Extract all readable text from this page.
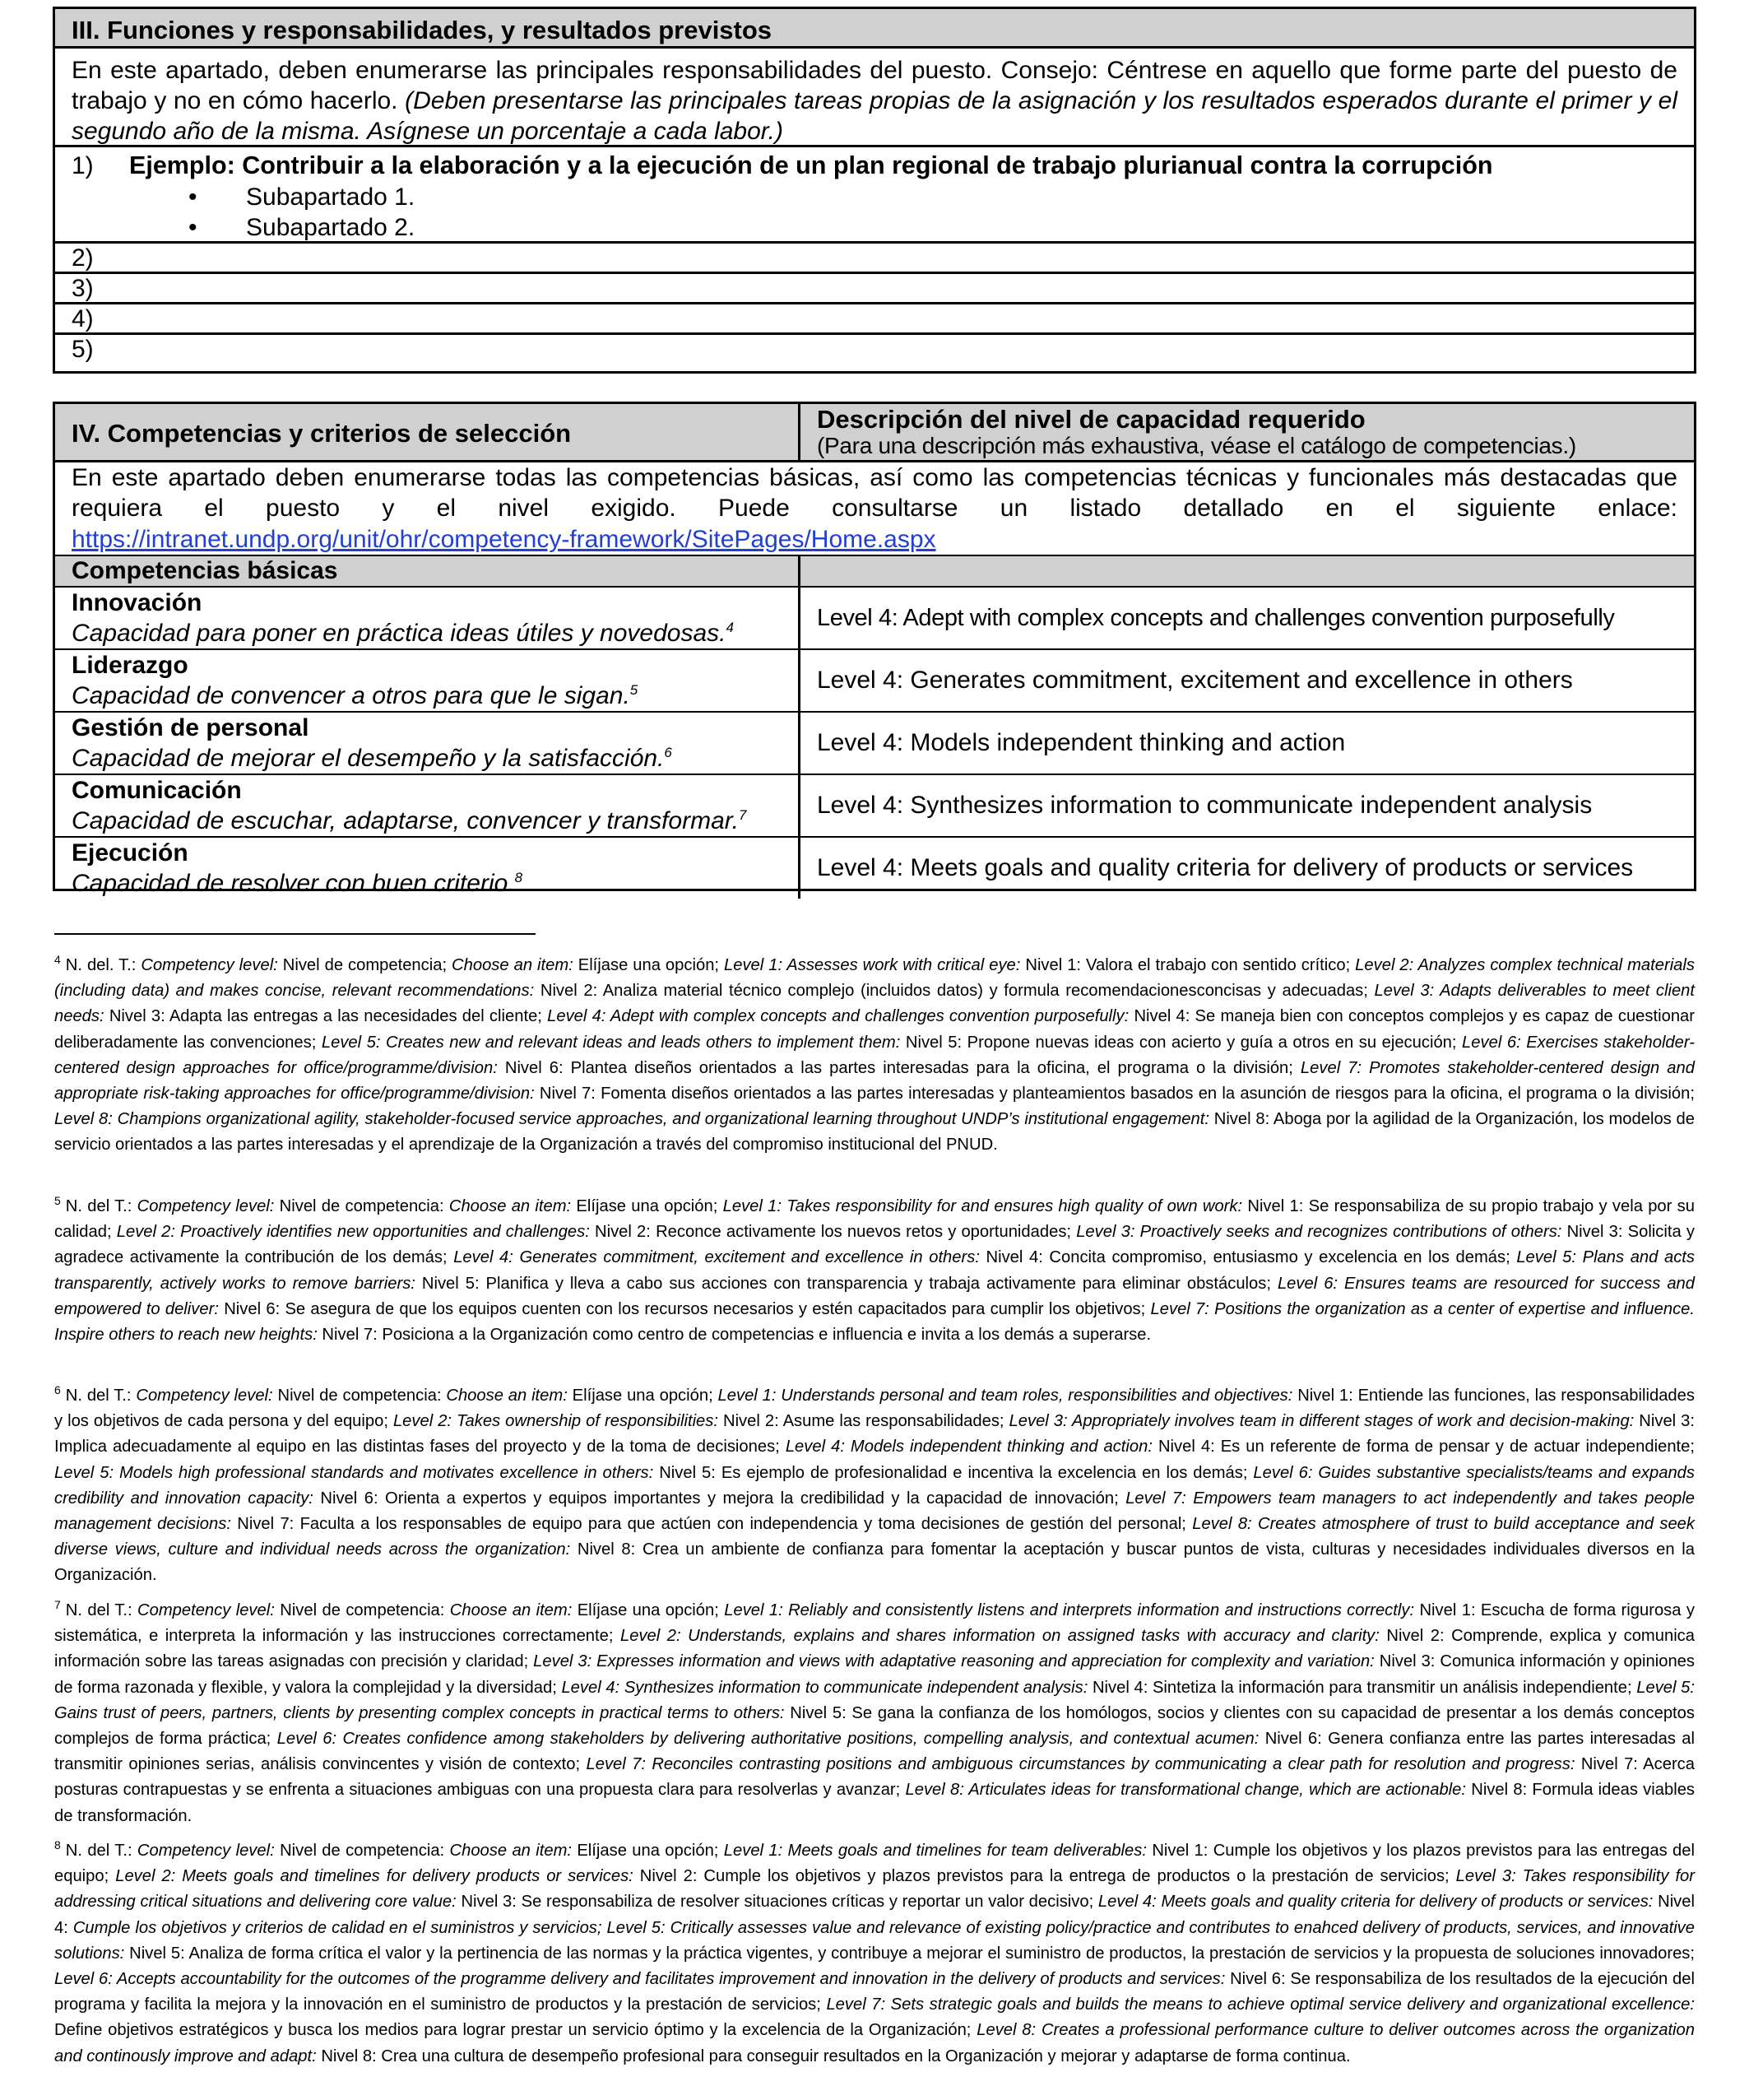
III. Funciones y responsabilidades, y resultados previstos
En este apartado, deben enumerarse las principales responsabilidades del puesto. Consejo: Céntrese en aquello que forme parte del puesto de trabajo y no en cómo hacerlo. (Deben presentarse las principales tareas propias de la asignación y los resultados esperados durante el primer y el segundo año de la misma. Asígnese un porcentaje a cada labor.)
1) Ejemplo: Contribuir a la elaboración y a la ejecución de un plan regional de trabajo plurianual contra la corrupción
•	Subapartado 1.
•	Subapartado 2.
2)
3)
4)
5)
IV. Competencias y criterios de selección	Descripción del nivel de capacidad requerido
(Para una descripción más exhaustiva, véase el catálogo de competencias.)
En este apartado deben enumerarse todas las competencias básicas, así como las competencias técnicas y funcionales más destacadas que requiera el puesto y el nivel exigido. Puede consultarse un listado detallado en el siguiente enlace:
https://intranet.undp.org/unit/ohr/competency-framework/SitePages/Home.aspx
Competencias básicas
Innovación
Capacidad para poner en práctica ideas útiles y novedosas.$^4$	Level 4: Adept with complex concepts and challenges convention purposefully
Liderazgo
Capacidad de convencer a otros para que le sigan.$^5$	Level 4: Generates commitment, excitement and excellence in others
Gestión de personal
Capacidad de mejorar el desempeño y la satisfacción.$^6$	Level 4: Models independent thinking and action
Comunicación
Capacidad de escuchar, adaptarse, convencer y transformar.$^7$	Level 4: Synthesizes information to communicate independent analysis
Ejecución
Capacidad de resolver con buen criterio.$^8$	Level 4: Meets goals and quality criteria for delivery of products or services
$^4$ N. del. T.: Competency level: Nivel de competencia; Choose an item: Elíjase una opción; Level 1: Assesses work with critical eye: Nivel 1: Valora el trabajo con sentido crítico; Level 2: Analyzes complex technical materials (including data) and makes concise, relevant recommendations: Nivel 2: Analiza material técnico complejo (incluidos datos) y formula recomendacionesconcisas y adecuadas; Level 3: Adapts deliverables to meet client needs: Nivel 3: Adapta las entregas a las necesidades del cliente; Level 4: Adept with complex concepts and challenges convention purposefully: Nivel 4: Se maneja bien con conceptos complejos y es capaz de cuestionar deliberadamente las convenciones; Level 5: Creates new and relevant ideas and leads others to implement them: Nivel 5: Propone nuevas ideas con acierto y guía a otros en su ejecución; Level 6: Exercises stakeholder-centered design approaches for office/programme/division: Nivel 6: Plantea diseños orientados a las partes interesadas para la oficina, el programa o la división; Level 7: Promotes stakeholder-centered design and appropriate risk-taking approaches for office/programme/division: Nivel 7: Fomenta diseños orientados a las partes interesadas y planteamientos basados en la asunción de riesgos para la oficina, el programa o la división; Level 8: Champions organizational agility, stakeholder-focused service approaches, and organizational learning throughout UNDP’s institutional engagement: Nivel 8: Aboga por la agilidad de la Organización, los modelos de servicio orientados a las partes interesadas y el aprendizaje de la Organización a través del compromiso institucional del PNUD.
$^5$ N. del T.: Competency level: Nivel de competencia: Choose an item: Elíjase una opción; Level 1: Takes responsibility for and ensures high quality of own work: Nivel 1: Se responsabiliza de su propio trabajo y vela por su calidad; Level 2: Proactively identifies new opportunities and challenges: Nivel 2: Reconce activamente los nuevos retos y oportunidades; Level 3: Proactively seeks and recognizes contributions of others: Nivel 3: Solicita y agradece activamente la contribución de los demás; Level 4: Generates commitment, excitement and excellence in others: Nivel 4: Concita compromiso, entusiasmo y excelencia en los demás; Level 5: Plans and acts transparently, actively works to remove barriers: Nivel 5: Planifica y lleva a cabo sus acciones con transparencia y trabaja activamente para eliminar obstáculos; Level 6: Ensures teams are resourced for success and empowered to deliver: Nivel 6: Se asegura de que los equipos cuenten con los recursos necesarios y estén capacitados para cumplir los objetivos; Level 7: Positions the organization as a center of expertise and influence. Inspire others to reach new heights: Nivel 7: Posiciona a la Organización como centro de competencias e influencia e invita a los demás a superarse.
$^6$ N. del T.: Competency level: Nivel de competencia: Choose an item: Elíjase una opción; Level 1: Understands personal and team roles, responsibilities and objectives: Nivel 1: Entiende las funciones, las responsabilidades y los objetivos de cada persona y del equipo; Level 2: Takes ownership of responsibilities: Nivel 2: Asume las responsabilidades; Level 3: Appropriately involves team in different stages of work and decision-making: Nivel 3: Implica adecuadamente al equipo en las distintas fases del proyecto y de la toma de decisiones; Level 4: Models independent thinking and action: Nivel 4: Es un referente de forma de pensar y de actuar independiente; Level 5: Models high professional standards and motivates excellence in others: Nivel 5: Es ejemplo de profesionalidad e incentiva la excelencia en los demás; Level 6: Guides substantive specialists/teams and expands credibility and innovation capacity: Nivel 6: Orienta a expertos y equipos importantes y mejora la credibilidad y la capacidad de innovación; Level 7: Empowers team managers to act independently and takes people management decisions: Nivel 7: Faculta a los responsables de equipo para que actúen con independencia y toma decisiones de gestión del personal; Level 8: Creates atmosphere of trust to build acceptance and seek diverse views, culture and individual needs across the organization: Nivel 8: Crea un ambiente de confianza para fomentar la aceptación y buscar puntos de vista, culturas y necesidades individuales diversos en la Organización.
$^7$ N. del T.: Competency level: Nivel de competencia: Choose an item: Elíjase una opción; Level 1: Reliably and consistently listens and interprets information and instructions correctly: Nivel 1: Escucha de forma rigurosa y sistemática, e interpreta la información y las instrucciones correctamente; Level 2: Understands, explains and shares information on assigned tasks with accuracy and clarity: Nivel 2: Comprende, explica y comunica información sobre las tareas asignadas con precisión y claridad; Level 3: Expresses information and views with adaptative reasoning and appreciation for complexity and variation: Nivel 3: Comunica información y opiniones de forma razonada y flexible, y valora la complejidad y la diversidad; Level 4: Synthesizes information to communicate independent analysis: Nivel 4: Sintetiza la información para transmitir un análisis independiente; Level 5: Gains trust of peers, partners, clients by presenting complex concepts in practical terms to others: Nivel 5: Se gana la confianza de los homólogos, socios y clientes con su capacidad de presentar a los demás conceptos complejos de forma práctica; Level 6: Creates confidence among stakeholders by delivering authoritative positions, compelling analysis, and contextual acumen: Nivel 6: Genera confianza entre las partes interesadas al transmitir opiniones serias, análisis convincentes y visión de contexto; Level 7: Reconciles contrasting positions and ambiguous circumstances by communicating a clear path for resolution and progress: Nivel 7: Acerca posturas contrapuestas y se enfrenta a situaciones ambiguas con una propuesta clara para resolverlas y avanzar; Level 8: Articulates ideas for transformational change, which are actionable: Nivel 8: Formula ideas viables de transformación.
$^8$ N. del T.: Competency level: Nivel de competencia: Choose an item: Elíjase una opción; Level 1: Meets goals and timelines for team deliverables: Nivel 1: Cumple los objetivos y los plazos previstos para las entregas del equipo; Level 2: Meets goals and timelines for delivery products or services: Nivel 2: Cumple los objetivos y plazos previstos para la entrega de productos o la prestación de servicios; Level 3: Takes responsibility for addressing critical situations and delivering core value: Nivel 3: Se responsabiliza de resolver situaciones críticas y reportar un valor decisivo; Level 4: Meets goals and quality criteria for delivery of products or services: Nivel 4: Cumple los objetivos y criterios de calidad en el suministros y servicios; Level 5: Critically assesses value and relevance of existing policy/practice and contributes to enahced delivery of products, services, and innovative solutions: Nivel 5: Analiza de forma crítica el valor y la pertinencia de las normas y la práctica vigentes, y contribuye a mejorar el suministro de productos, la prestación de servicios y la propuesta de soluciones innovadores; Level 6: Accepts accountability for the outcomes of the programme delivery and facilitates improvement and innovation in the delivery of products and services: Nivel 6: Se responsabiliza de los resultados de la ejecución del programa y facilita la mejora y la innovación en el suministro de productos y la prestación de servicios; Level 7: Sets strategic goals and builds the means to achieve optimal service delivery and organizational excellence: Define objetivos estratégicos y busca los medios para lograr prestar un servicio óptimo y la excelencia de la Organización; Level 8: Creates a professional performance culture to deliver outcomes across the organization and continously improve and adapt: Nivel 8: Crea una cultura de desempeño profesional para conseguir resultados en la Organización y mejorar y adaptarse de forma continua.
